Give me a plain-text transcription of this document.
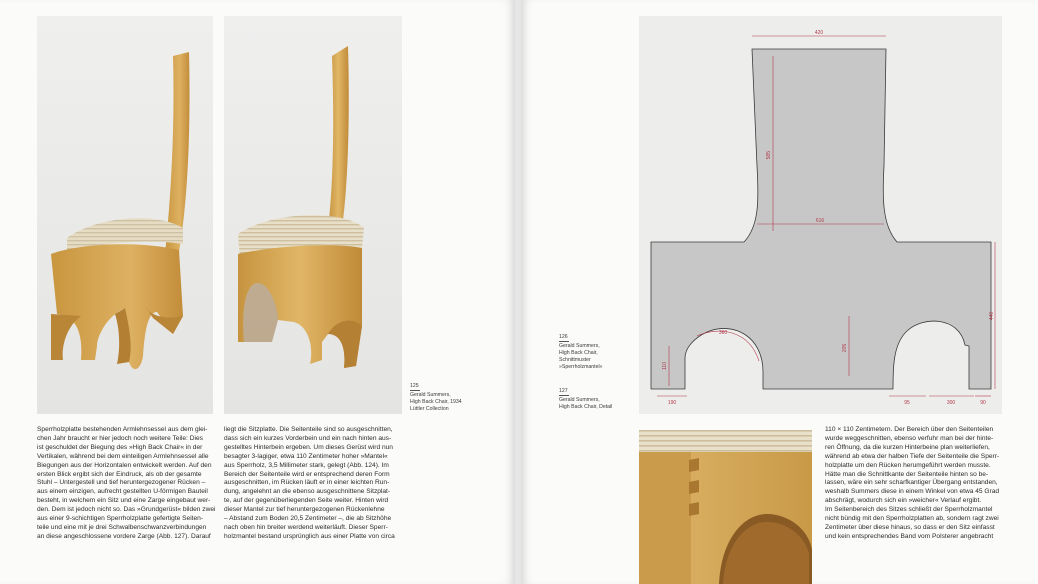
125
Gerald Summers,
High Back Chair, 1934
Lüttler Collection
Sperrholzplatte bestehenden Armlehnsessel aus dem glei-
chen Jahr braucht er hier jedoch noch weitere Teile: Dies
ist geschuldet der Biegung des »High Back Chair« in der
Vertikalen, während bei dem einteiligen Armlehnsessel alle
Biegungen aus der Horizontalen entwickelt werden. Auf den
ersten Blick ergibt sich der Eindruck, als ob der gesamte
Stuhl – Untergestell und tief heruntergezogener Rücken –
aus einem einzigen, aufrecht gestellten U-förmigen Bauteil
besteht, in welchem ein Sitz und eine Zarge eingebaut wer-
den. Dem ist jedoch nicht so. Das »Grundgerüst« bilden zwei
aus einer 9-schichtigen Sperrholzplatte gefertigte Seiten-
teile und eine mit je drei Schwalbenschwanzverbindungen
an diese angeschlossene vordere Zarge (Abb. 127). Darauf
liegt die Sitzplatte. Die Seitenteile sind so ausgeschnitten,
dass sich ein kurzes Vorderbein und ein nach hinten aus-
gestelltes Hinterbein ergeben. Um dieses Gerüst wird nun
besagter 3-lagiger, etwa 110 Zentimeter hoher »Mantel«
aus Sperrholz, 3,5 Millimeter stark, gelegt (Abb. 124). Im
Bereich der Seitenteile wird er entsprechend deren Form
ausgeschnitten, im Rücken läuft er in einer leichten Run-
dung, angelehnt an die ebenso ausgeschnittene Sitzplat-
te, auf der gegenüberliegenden Seite weiter. Hinten wird
dieser Mantel zur tief heruntergezogenen Rückenlehne
– Abstand zum Boden 20,5 Zentimeter –, die ab Sitzhöhe
nach oben hin breiter werdend weiterläuft. Dieser Sperr-
holzmantel bestand ursprünglich aus einer Platte von circa
420
585
616
440
205
110
360
190	95	300	90
126
Gerald Summers,
High Back Chair,
Schnittmuster
»Sperrholzmantel«
127
Gerald Summers,
High Back Chair, Detail
110 × 110 Zentimetern. Der Bereich über den Seitenteilen
wurde weggeschnitten, ebenso verfuhr man bei der hinte-
ren Öffnung, da die kurzen Hinterbeine plan weiterliefen,
während ab etwa der halben Tiefe der Seitenteile die Sperr-
holzplatte um den Rücken herumgeführt werden musste.
Hätte man die Schnittkante der Seitenteile hinten so be-
lassen, wäre ein sehr scharfkantiger Übergang entstanden,
weshalb Summers diese in einem Winkel von etwa 45 Grad
abschrägt, wodurch sich ein »weicher« Verlauf ergibt.
Im Seitenbereich des Sitzes schließt der Sperrholzmantel
nicht bündig mit den Sperrholzplatten ab, sondern ragt zwei
Zentimeter über diese hinaus, so dass er den Sitz einfasst
und kein entsprechendes Band vom Polsterer angebracht
